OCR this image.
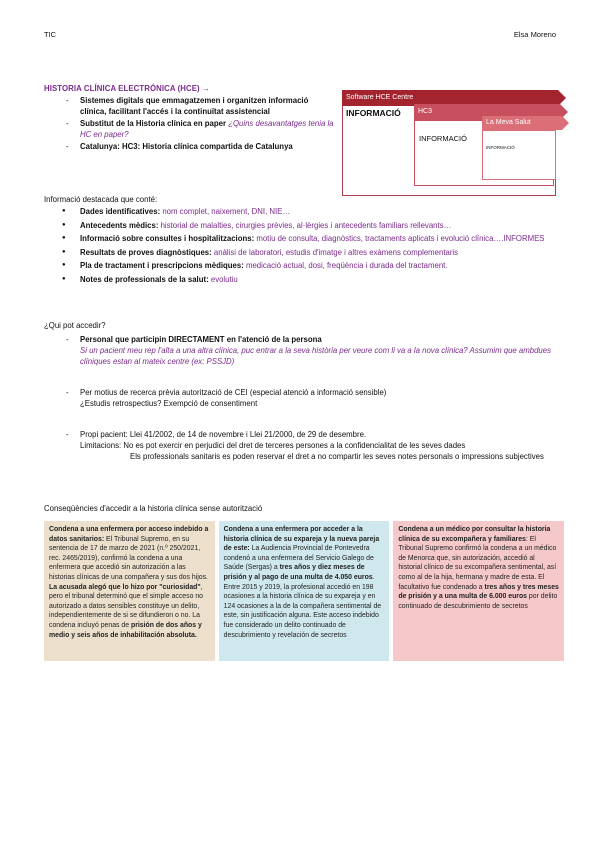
TIC	Elsa Moreno
HISTORIA CLÍNICA ELECTRÓNICA (HCE) →
- Sistemes digitals que emmagatzemen i organitzen informació clínica, facilitant l'accés i la continuïtat assistencial
- Substitut de la Historia clínica en paper ¿Quins desavantatges tenia la HC en paper?
- Catalunya: HC3: Historia clínica compartida de Catalunya
Software HCE Centre
INFORMACIÓ
INFORMACIÓ
HC3
INFORMACIÓ
La Meva Salut
Informació destacada que conté:
● Dades identificatives: nom complet, naixement, DNI, NIE…
● Antecedents mèdics: historial de malalties, cirurgies prèvies, al·lèrgies i antecedents familiars rellevants…
● Informació sobre consultes i hospitalitzacions: motiu de consulta, diagnòstics, tractaments aplicats i evolució clínica….INFORMES
● Resultats de proves diagnòstiques: anàlisi de laboratori, estudis d'imatge i altres exàmens complementaris
● Pla de tractament i prescripcions mèdiques: medicació actual, dosi, freqüència i durada del tractament.
● Notes de professionals de la salut: evolutiu
¿Qui pot accedir?
- Personal que participin DIRECTAMENT en l'atenció de la persona
Si un pacient meu rep l'alta a una altra clínica, puc entrar a la seva història per veure com li va a la nova clínica? Assumim que ambdues clíniques estan al mateix centre (ex: PSSJD)
- Per motius de recerca prèvia autorització de CEI (especial atenció a informació sensible)
¿Estudis retrospectius? Exempció de consentiment
- Propi pacient: Llei 41/2002, de 14 de novembre i Llei 21/2000, de 29 de desembre.
Limitacions: No es pot exercir en perjudici del dret de terceres persones a la confidencialitat de les seves dades
Els professionals sanitaris es poden reservar el dret a no compartir les seves notes personals o impressions subjectives
Conseqüències d'accedir a la historia clínica sense autorització
Condena a una enfermera por acceso indebido a datos sanitarios: El Tribunal Supremo, en su sentencia de 17 de marzo de 2021 (n.º 250/2021, rec. 2465/2019), confirmó la condena a una enfermera que accedió sin autorización a las historias clínicas de una compañera y sus dos hijos. La acusada alegó que lo hizo por "curiosidad", pero el tribunal determinó que el simple acceso no autorizado a datos sensibles constituye un delito, independientemente de si se difundieron o no. La condena incluyó penas de prisión de dos años y medio y seis años de inhabilitación absoluta.
Condena a una enfermera por acceder a la historia clínica de su expareja y la nueva pareja de este: La Audiencia Provincial de Pontevedra condenó a una enfermera del Servicio Galego de Saúde (Sergas) a tres años y diez meses de prisión y al pago de una multa de 4.050 euros. Entre 2015 y 2019, la profesional accedió en 198 ocasiones a la historia clínica de su expareja y en 124 ocasiones a la de la compañera sentimental de este, sin justificación alguna. Este acceso indebido fue considerado un delito continuado de descubrimiento y revelación de secretos
Condena a un médico por consultar la historia clínica de su excompañera y familiares: El Tribunal Supremo confirmó la condena a un médico de Menorca que, sin autorización, accedió al historial clínico de su excompañera sentimental, así como al de la hija, hermana y madre de esta. El facultativo fue condenado a tres años y tres meses de prisión y a una multa de 6.000 euros por delito continuado de descubrimiento de secretos
